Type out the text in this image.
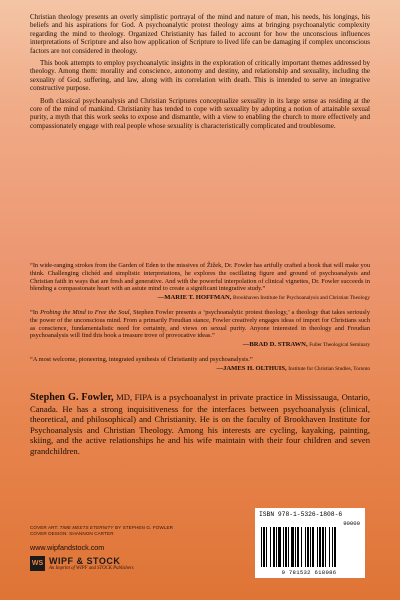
Christian theology presents an overly simplistic portrayal of the mind and nature of man, his needs, his longings, his beliefs and his aspirations for God. A psychoanalytic protest theology aims at bringing psychoanalytic complexity regarding the mind to theology. Organized Christianity has failed to account for how the unconscious influences interpretations of Scripture and also how application of Scripture to lived life can be damaging if complex unconscious factors are not considered in theology.

This book attempts to employ psychoanalytic insights in the exploration of critically important themes addressed by theology. Among them: morality and conscience, autonomy and destiny, and relationship and sexuality, including the sexuality of God, suffering, and law, along with its correlation with death. This is intended to serve an integrative constructive purpose.

Both classical psychoanalysis and Christian Scriptures conceptualize sexuality in its large sense as residing at the core of the mind of mankind. Christianity has tended to cope with sexuality by adopting a notion of attainable sexual purity, a myth that this work seeks to expose and dismantle, with a view to enabling the church to more effectively and compassionately engage with real people whose sexuality is characteristically complicated and troublesome.

“In wide-ranging strokes from the Garden of Eden to the missives of Žižek, Dr. Fowler has artfully crafted a book that will make you think. Challenging clichéd and simplistic interpretations, he explores the oscillating figure and ground of psychoanalysis and Christian faith in ways that are fresh and generative. And with the powerful interpolation of clinical vignettes, Dr. Fowler succeeds in blending a compassionate heart with an astute mind to create a significant integrative study.”

—MARIE T. HOFFMAN, Brookhaven Institute for Psychoanalysis and Christian Theology

“In Probing the Mind to Free the Soul, Stephen Fowler presents a ‘psychoanalytic protest theology,’ a theology that takes seriously the power of the unconscious mind. From a primarily Freudian stance, Fowler creatively engages ideas of import for Christians such as conscience, fundamentalistic need for certainty, and views on sexual purity. Anyone interested in theology and Freudian psychoanalysis will find this book a treasure trove of provocative ideas.”

—BRAD D. STRAWN, Fuller Theological Seminary

“A most welcome, pioneering, integrated synthesis of Christianity and psychoanalysis.”

—JAMES H. OLTHUIS, Institute for Christian Studies, Toronto
Stephen G. Fowler, MD, FIPA is a psychoanalyst in private practice in Mississauga, Ontario, Canada. He has a strong inquisitiveness for the interfaces between psychoanalysis (clinical, theoretical, and philosophical) and Christianity. He is on the faculty of Brookhaven Institute for Psychoanalysis and Christian Theology. Among his interests are cycling, kayaking, painting, skiing, and the active relationships he and his wife maintain with their four children and seven grandchildren.
COVER ART: TIME MEETS ETERNITY BY STEPHEN G. FOWLER
COVER DESIGN: SHANNON CARTER
www.wipfandstock.com
WS WIPF & STOCK
An Imprint of WIPF and STOCK Publishers
ISBN 978-1-5326-1808-6
90000
9 781532 618086
